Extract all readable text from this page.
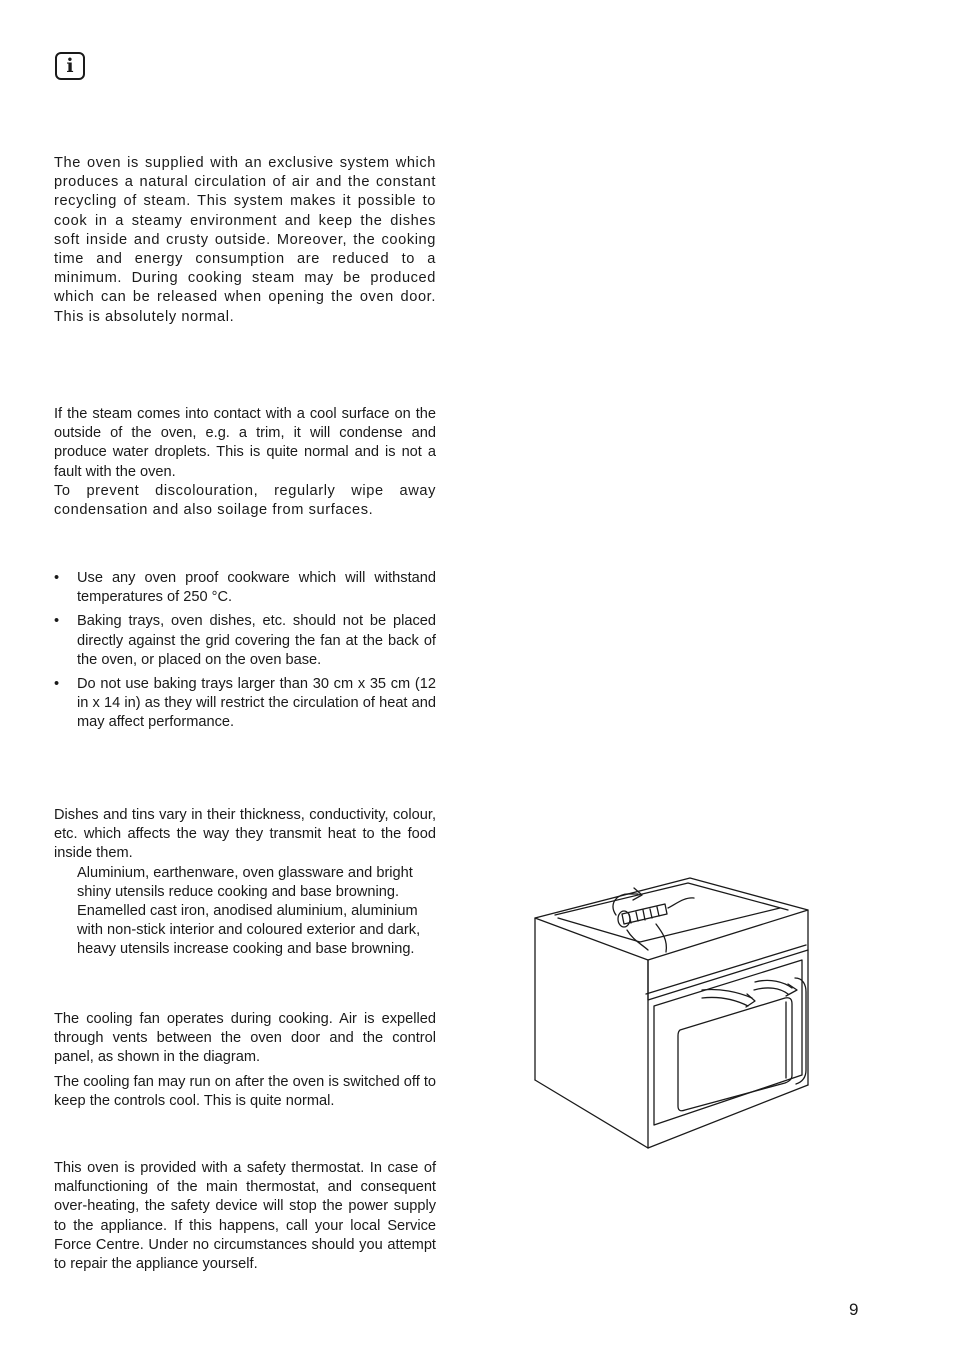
i

The oven is supplied with an exclusive system which produces a natural circulation of air and the constant recycling of steam. This system makes it possible to cook in a steamy environment and keep the dishes soft inside and crusty outside. Moreover, the cooking time and energy consumption are reduced to a minimum. During cooking steam may be produced which can be released when opening the oven door. This is absolutely normal.

If the steam comes into contact with a cool surface on the outside of the oven, e.g. a trim, it will condense and produce water droplets. This is quite normal and is not a fault with the oven.

To prevent discolouration, regularly wipe away condensation and also soilage from surfaces.

• Use any oven proof cookware which will withstand temperatures of 250 °C.
• Baking trays, oven dishes, etc. should not be placed directly against the grid covering the fan at the back of the oven, or placed on the oven base.
• Do not use baking trays larger than 30 cm x 35 cm (12 in x 14 in) as they will restrict the circulation of heat and may affect performance.

Dishes and tins vary in their thickness, conductivity, colour, etc. which affects the way they transmit heat to the food inside them.

Aluminium, earthenware, oven glassware and bright shiny utensils reduce cooking and base browning.

Enamelled cast iron, anodised aluminium, aluminium with non-stick interior and coloured exterior and dark, heavy utensils increase cooking and base browning.

The cooling fan operates during cooking. Air is expelled through vents between the oven door and the control panel, as shown in the diagram.

The cooling fan may run on after the oven is switched off to keep the controls cool. This is quite normal.

This oven is provided with a safety thermostat. In case of malfunctioning of the main thermostat, and consequent over-heating, the safety device will stop the power supply to the appliance. If this happens, call your local Service Force Centre. Under no circumstances should you attempt to repair the appliance yourself.

9
